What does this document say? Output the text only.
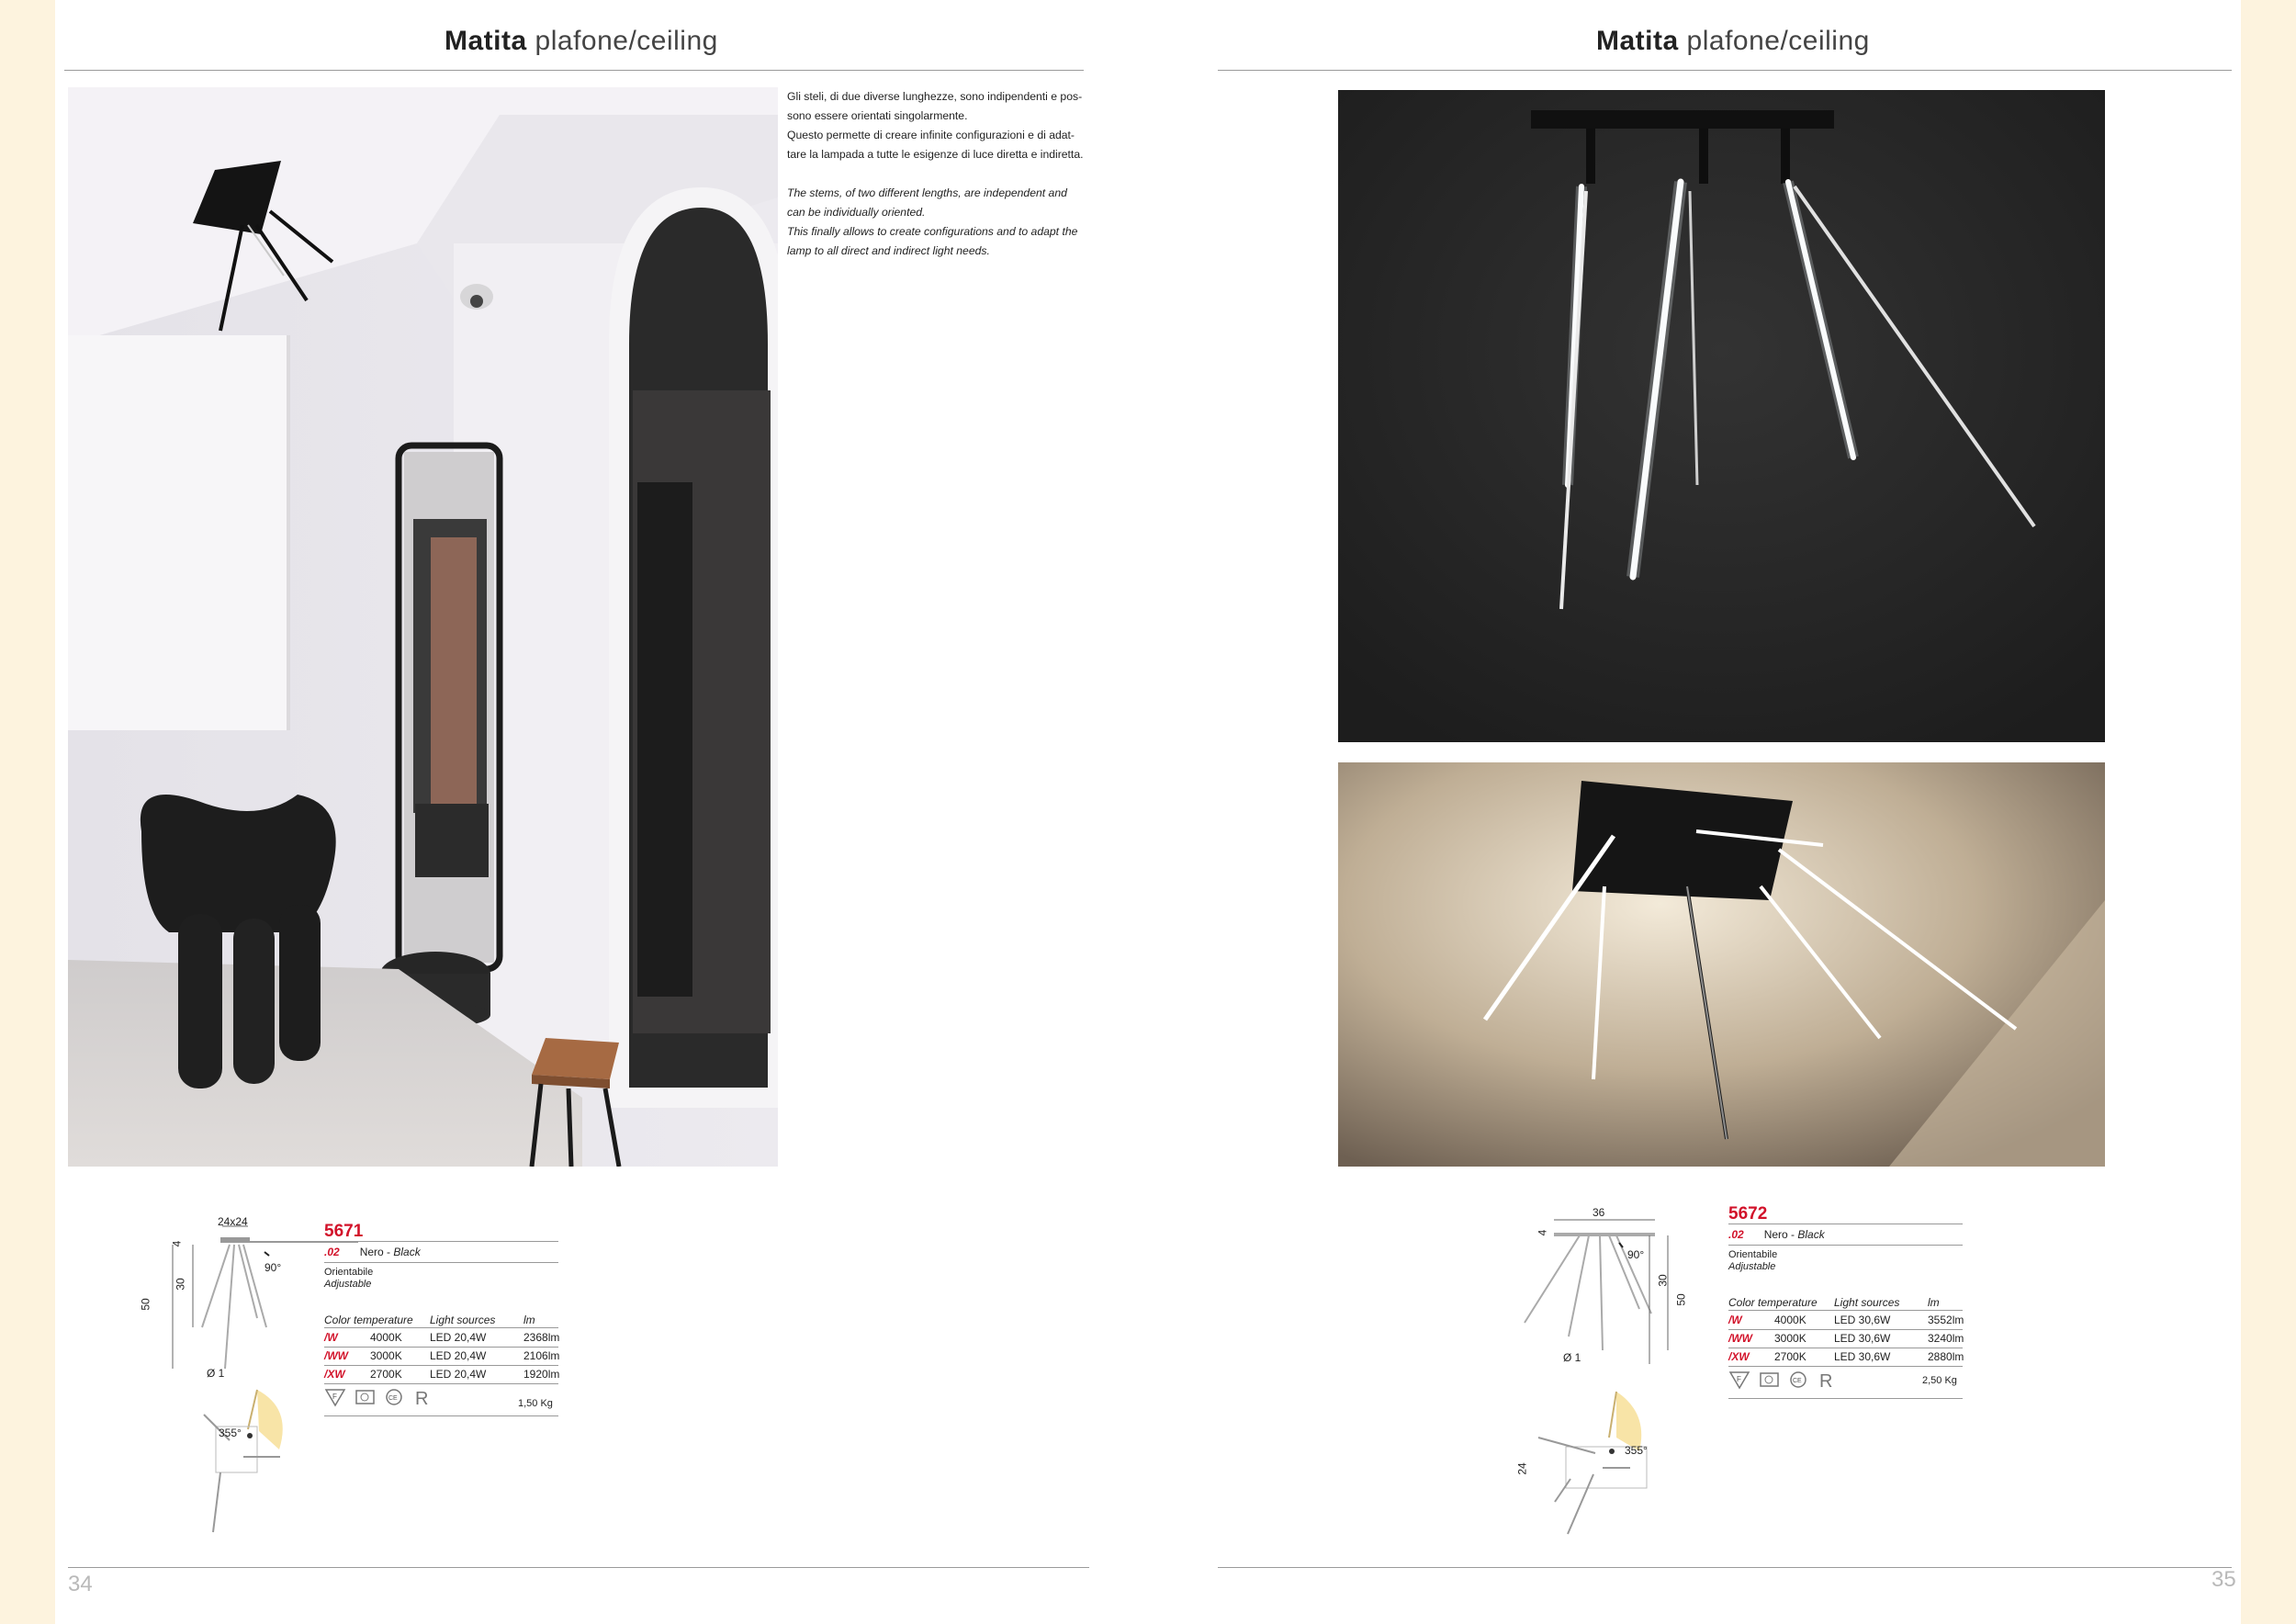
Matita plafone/ceiling

Gli steli, di due diverse lunghezze, sono indipendenti e pos-
sono essere orientati singolarmente.
Questo permette di creare infinite configurazioni e di adat-
tare la lampada a tutte le esigenze di luce diretta e indiretta.

The stems, of two different lengths, are independent and
can be individually oriented.
This finally allows to create configurations and to adapt the
lamp to all direct and indirect light needs.

24x24
4
50
30
90°
Ø 1
355°
5671
.02 Nero - Black
Orientabile
Adjustable
Color temperature Light sources	lm
/W	4000K	LED 20,4W	2368lm
/WW 3000K	LED 20,4W	2106lm
/XW 2700K	LED 20,4W	1920lm
F	CE R	1,50 Kg
34
Matita plafone/ceiling
36
4
50
30
90°
Ø 1
355°
24
5672
.02 Nero - Black
Orientabile
Adjustable
Color temperature Light sources	lm
/W	4000K	LED 30,6W	3552lm
/WW 3000K	LED 30,6W	3240lm
/XW 2700K	LED 30,6W	2880lm
F	CE R	2,50 Kg
35
